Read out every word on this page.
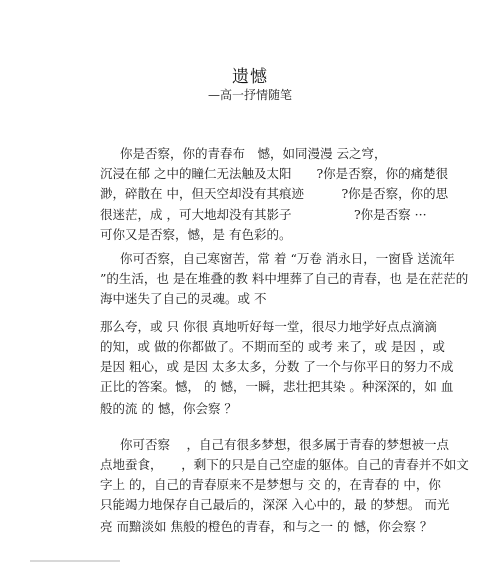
遗憾
—高一抒情随笔
你是否察，你的青春布　憾，如同漫漫 云之穹，
沉浸在郁 之中的瞳仁无法触及太阳　　?你是否察，你的痛楚很
渺，碎散在 中，但天空却没有其痕迹　　　?你是否察，你的思
很迷茫，成 ，可大地却没有其影子　　　　　?你是否察 ···
可你又是否察，憾，是 有色彩的。
你可否察，自己寒窗苦，常 着 “万卷 消永日，一窗昏 送流年
”的生活，也 是在堆叠的教 料中埋葬了自己的青春，也 是在茫茫的
海中迷失了自己的灵魂。或 不
那么夸，或 只 你很 真地听好每一堂，很尽力地学好点点滴滴
的知，或 做的你都做了。不期而至的 或考 来了，或 是因 ，或
是因 粗心，或 是因 太多太多，分数 了一个与你平日的努力不成
正比的答案。憾， 的 憾，一瞬，悲壮把其染 。种深深的，如 血
般的流 的 憾，你会察 ？
你可否察 　，自己有很多梦想，很多属于青春的梦想被一点
点地蚕食，　　，剩下的只是自己空虚的躯体。自己的青春并不如文
字上 的，自己的青春原来不是梦想与 交 的，在青春的 中，你
只能竭力地保存自己最后的，深深 入心中的，最 的梦想。 而光
亮 而黯淡如 焦般的橙色的青春，和与之一 的 憾，你会察 ？
